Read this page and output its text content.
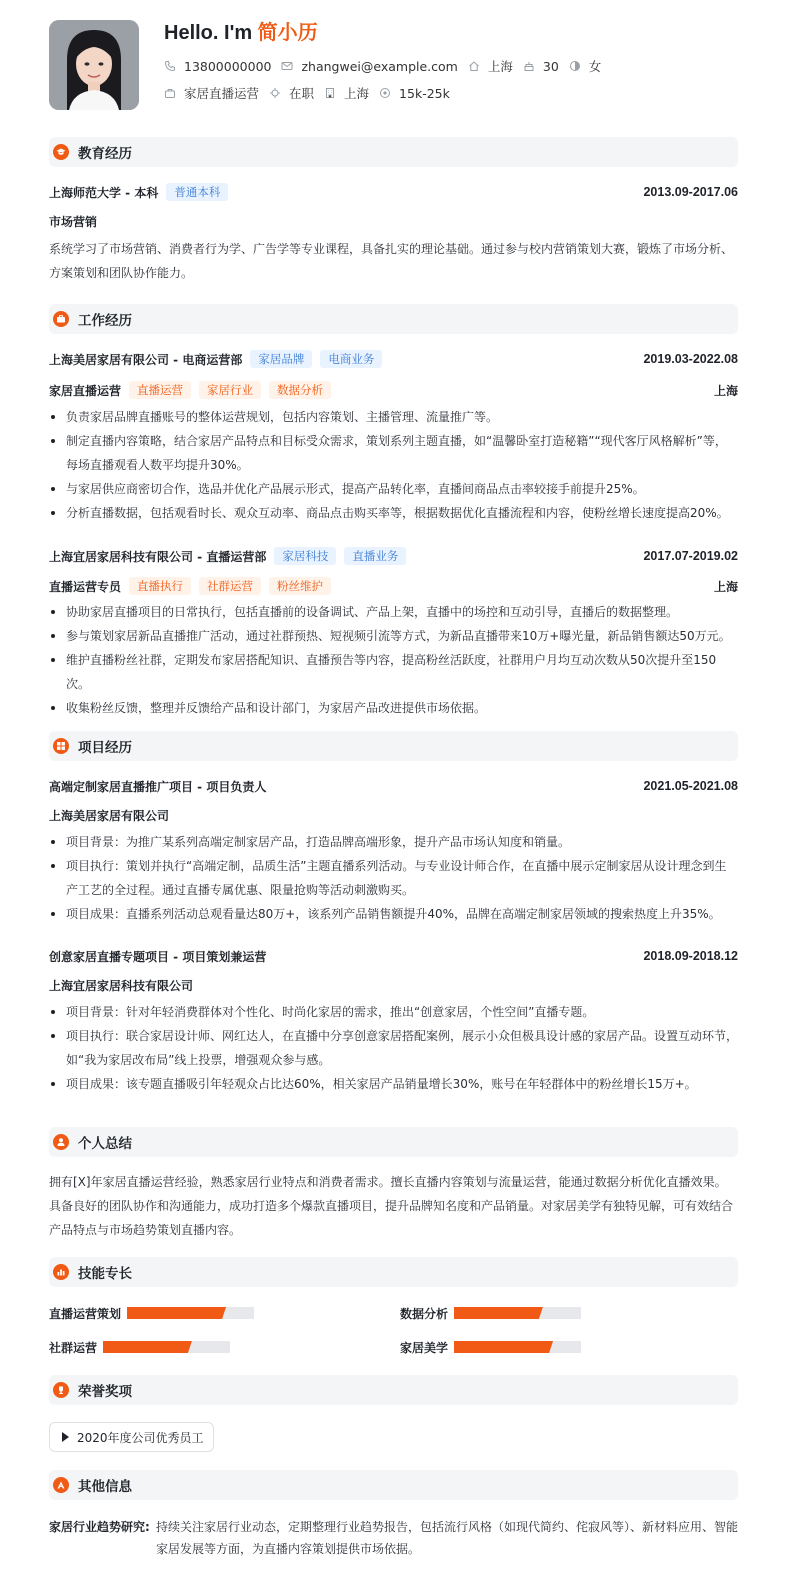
Hello. I'm 简小历
13800000000 zhangwei@example.com 上海 30 女
家居直播运营 在职 上海 15k-25k
教育经历
上海师范大学 - 本科	普通本科	2013.09-2017.06
市场营销
系统学习了市场营销、消费者行为学、广告学等专业课程，具备扎实的理论基础。通过参与校内营销策划大赛，锻炼了市场分析、方案策划和团队协作能力。
工作经历
上海美居家居有限公司 - 电商运营部	家居品牌	电商业务	2019.03-2022.08
家居直播运营	直播运营	家居行业	数据分析	上海
负责家居品牌直播账号的整体运营规划，包括内容策划、主播管理、流量推广等。
制定直播内容策略，结合家居产品特点和目标受众需求，策划系列主题直播，如“温馨卧室打造秘籍”“现代客厅风格解析”等，每场直播观看人数平均提升30%。
与家居供应商密切合作，选品并优化产品展示形式，提高产品转化率，直播间商品点击率较接手前提升25%。
分析直播数据，包括观看时长、观众互动率、商品点击购买率等，根据数据优化直播流程和内容，使粉丝增长速度提高20%。
上海宜居家居科技有限公司 - 直播运营部	家居科技	直播业务	2017.07-2019.02
直播运营专员	直播执行	社群运营	粉丝维护	上海
协助家居直播项目的日常执行，包括直播前的设备调试、产品上架，直播中的场控和互动引导，直播后的数据整理。
参与策划家居新品直播推广活动，通过社群预热、短视频引流等方式，为新品直播带来10万+曝光量，新品销售额达50万元。
维护直播粉丝社群，定期发布家居搭配知识、直播预告等内容，提高粉丝活跃度，社群用户月均互动次数从50次提升至150次。
收集粉丝反馈，整理并反馈给产品和设计部门，为家居产品改进提供市场依据。
项目经历
高端定制家居直播推广项目 - 项目负责人	2021.05-2021.08
上海美居家居有限公司
项目背景：为推广某系列高端定制家居产品，打造品牌高端形象，提升产品市场认知度和销量。
项目执行：策划并执行“高端定制，品质生活”主题直播系列活动。与专业设计师合作，在直播中展示定制家居从设计理念到生产工艺的全过程。通过直播专属优惠、限量抢购等活动刺激购买。
项目成果：直播系列活动总观看量达80万+，该系列产品销售额提升40%，品牌在高端定制家居领域的搜索热度上升35%。
创意家居直播专题项目 - 项目策划兼运营	2018.09-2018.12
上海宜居家居科技有限公司
项目背景：针对年轻消费群体对个性化、时尚化家居的需求，推出“创意家居，个性空间”直播专题。
项目执行：联合家居设计师、网红达人，在直播中分享创意家居搭配案例，展示小众但极具设计感的家居产品。设置互动环节，如“我为家居改布局”线上投票，增强观众参与感。
项目成果：该专题直播吸引年轻观众占比达60%，相关家居产品销量增长30%，账号在年轻群体中的粉丝增长15万+。
个人总结
拥有[X]年家居直播运营经验，熟悉家居行业特点和消费者需求。擅长直播内容策划与流量运营，能通过数据分析优化直播效果。具备良好的团队协作和沟通能力，成功打造多个爆款直播项目，提升品牌知名度和产品销量。对家居美学有独特见解，可有效结合产品特点与市场趋势策划直播内容。
技能专长
直播运营策划	数据分析
社群运营	家居美学
荣誉奖项
2020年度公司优秀员工
其他信息
家居行业趋势研究: 持续关注家居行业动态，定期整理行业趋势报告，包括流行风格（如现代简约、侘寂风等）、新材料应用、智能家居发展等方面，为直播内容策划提供市场依据。
